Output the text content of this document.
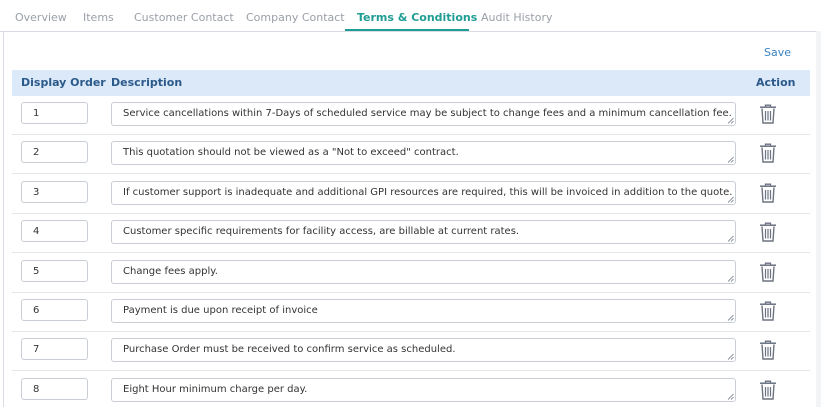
Overview Items Customer Contact Company Contact Terms & Conditions Audit History
Save
Display Order Description	Action
1	Service cancellations within 7-Days of scheduled service may be subject to change fees and a minimum cancellation fee.
2	This quotation should not be viewed as a "Not to exceed" contract.
3	If customer support is inadequate and additional GPI resources are required, this will be invoiced in addition to the quote.
4	Customer specific requirements for facility access, are billable at current rates.
5	Change fees apply.
6	Payment is due upon receipt of invoice
7	Purchase Order must be received to confirm service as scheduled.
8	Eight Hour minimum charge per day.
